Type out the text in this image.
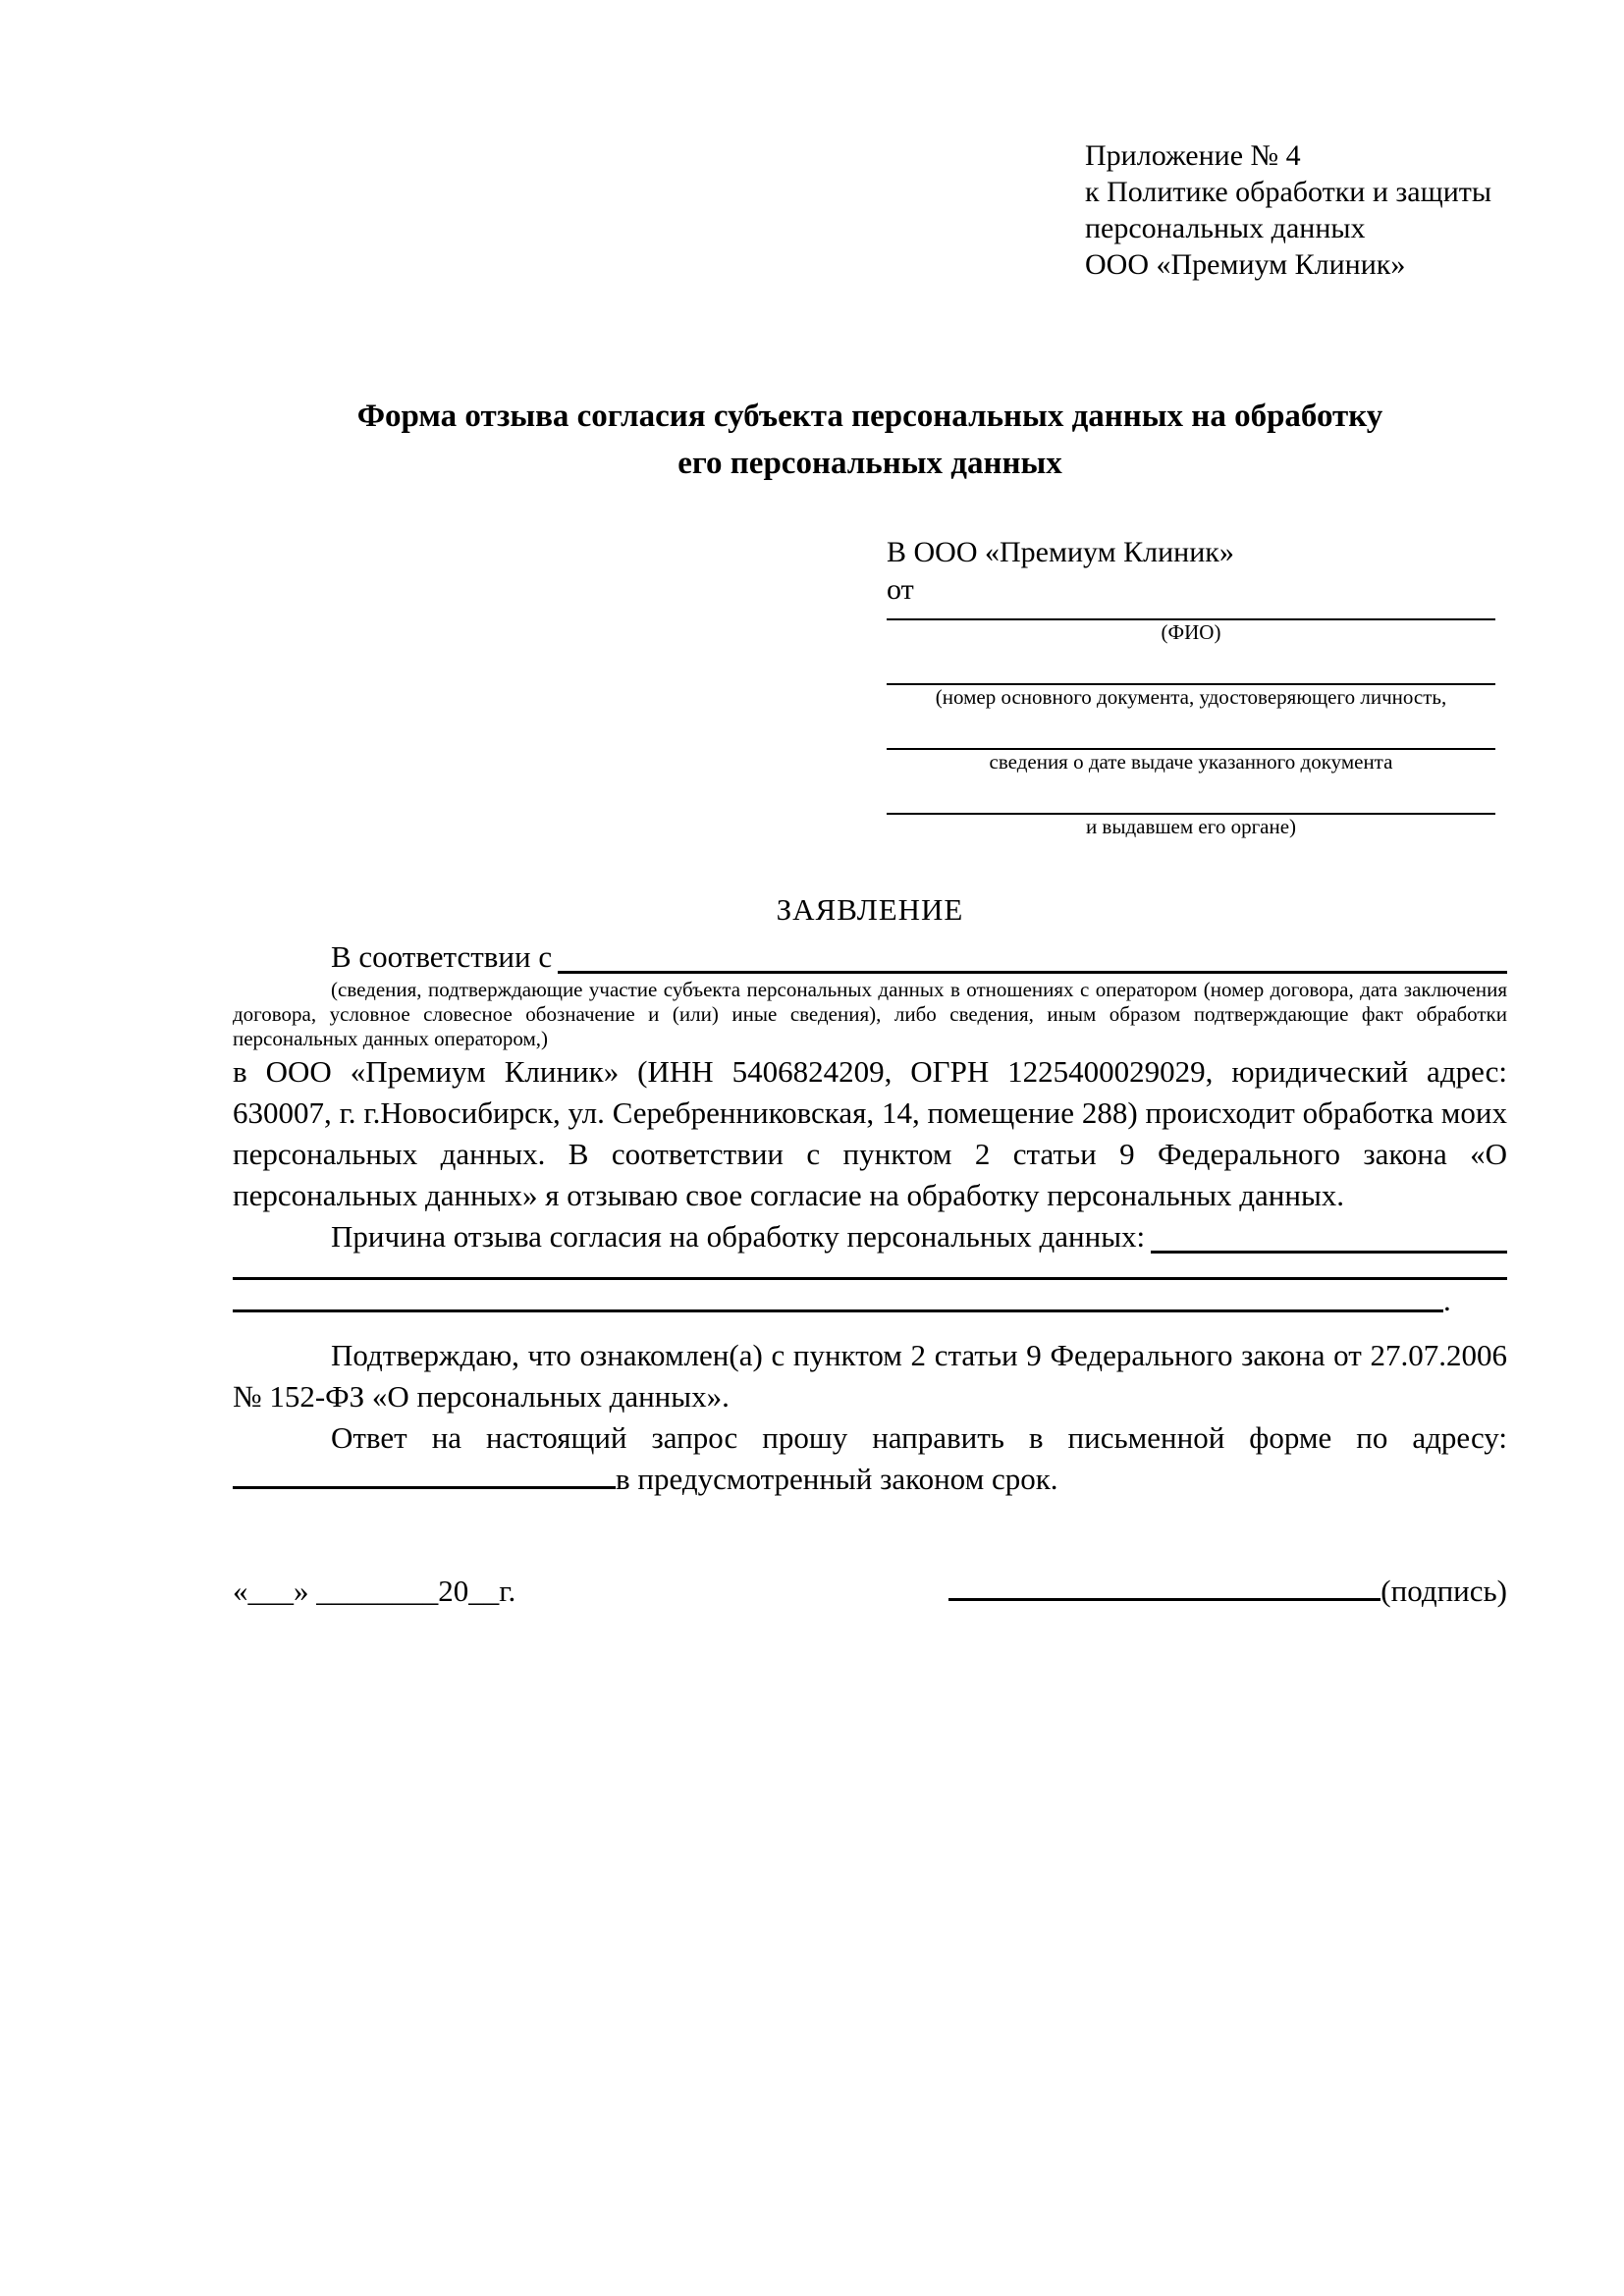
Приложение № 4
к Политике обработки и защиты
персональных данных
ООО «Премиум Клиник»
Форма отзыва согласия субъекта персональных данных на обработку
его персональных данных
В ООО «Премиум Клиник»
от
(ФИО)
(номер основного документа, удостоверяющего личность,
сведения о дате выдаче указанного документа
и выдавшем его органе)
ЗАЯВЛЕНИЕ
В соответствии с

(сведения, подтверждающие участие субъекта персональных данных в отношениях с оператором (номер договора, дата заключения договора, условное словесное обозначение и (или) иные сведения), либо сведения, иным образом подтверждающие факт обработки персональных данных оператором,)

в ООО «Премиум Клиник» (ИНН 5406824209, ОГРН 1225400029029, юридический адрес: 630007, г. г.Новосибирск, ул. Серебренниковская, 14, помещение 288) происходит обработка моих персональных данных. В соответствии с пунктом 2 статьи 9 Федерального закона «О персональных данных» я отзываю свое согласие на обработку персональных данных.

Причина отзыва согласия на обработку персональных данных:
.

Подтверждаю, что ознакомлен(а) с пунктом 2 статьи 9 Федерального закона от 27.07.2006 № 152-ФЗ «О персональных данных».

Ответ на настоящий запрос прошу направить в письменной форме по адресу: в предусмотренный законом срок.

«___» ________20__г.	(подпись)
